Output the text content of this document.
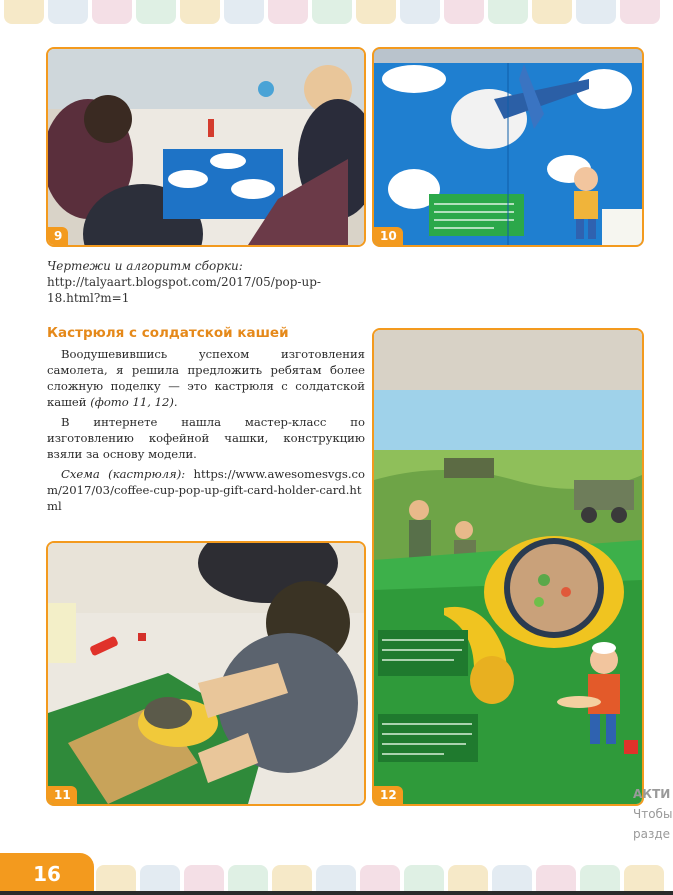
9	10
Чертежи и алгоритм сборки: http://talyaart.blogspot.com/2017/05/pop-up-18.html?m=1
Кастрюля с солдатской кашей

Воодушевившись успехом изготовления самолета, я решила предложить ребятам более сложную поделку — это кастрюля с солдатской кашей (фото 11, 12).

В интернете нашла мастер-класс по изготовлению кофейной чашки, конструкцию взяли за основу модели.

Схема (кастрюля): https://www.awesomesvgs.com/2017/03/coffee-cup-pop-up-gift-card-holder-card.html

11	12	АКТИ
Чтобы
разде
16
